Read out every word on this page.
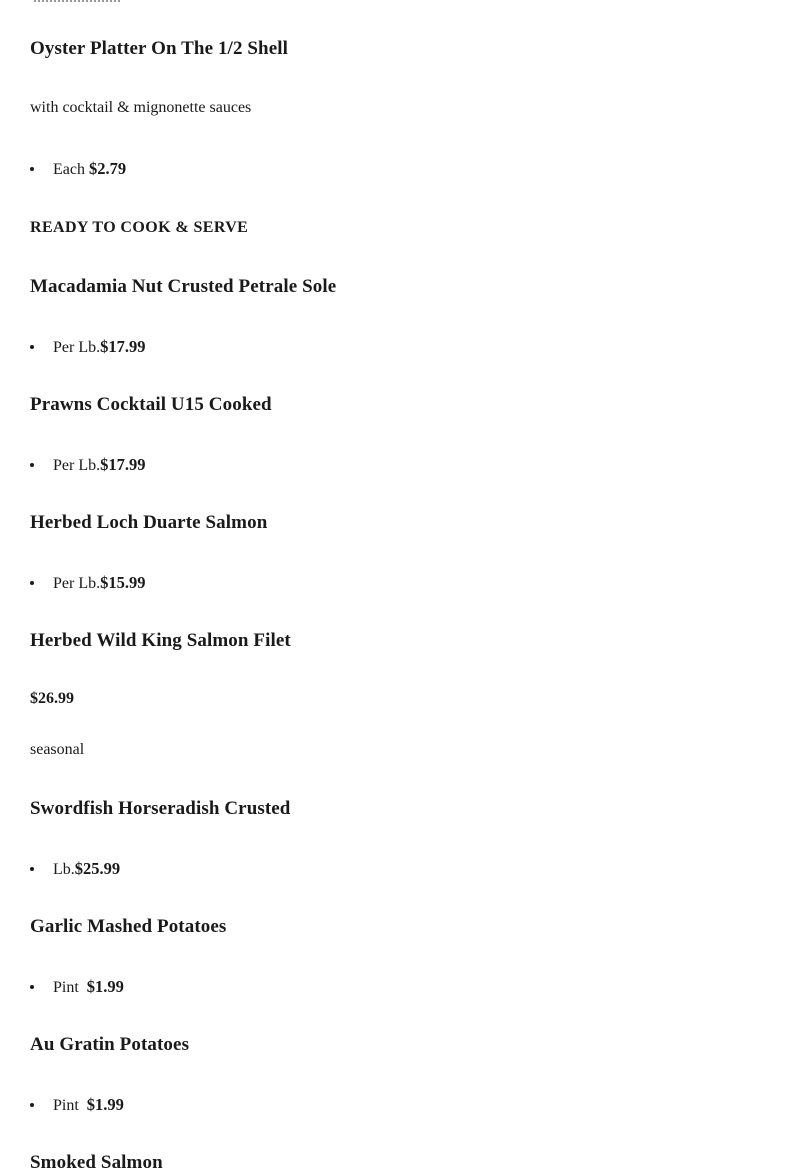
Oyster Platter On The 1/2 Shell
with cocktail & mignonette sauces
Each $2.79
READY TO COOK & SERVE
Macadamia Nut Crusted Petrale Sole
Per Lb.$17.99
Prawns Cocktail U15 Cooked
Per Lb.$17.99
Herbed Loch Duarte Salmon
Per Lb.$15.99
Herbed Wild King Salmon Filet
$26.99
seasonal
Swordfish Horseradish Crusted
Lb.$25.99
Garlic Mashed Potatoes
Pint $1.99
Au Gratin Potatoes
Pint $1.99
Smoked Salmon
